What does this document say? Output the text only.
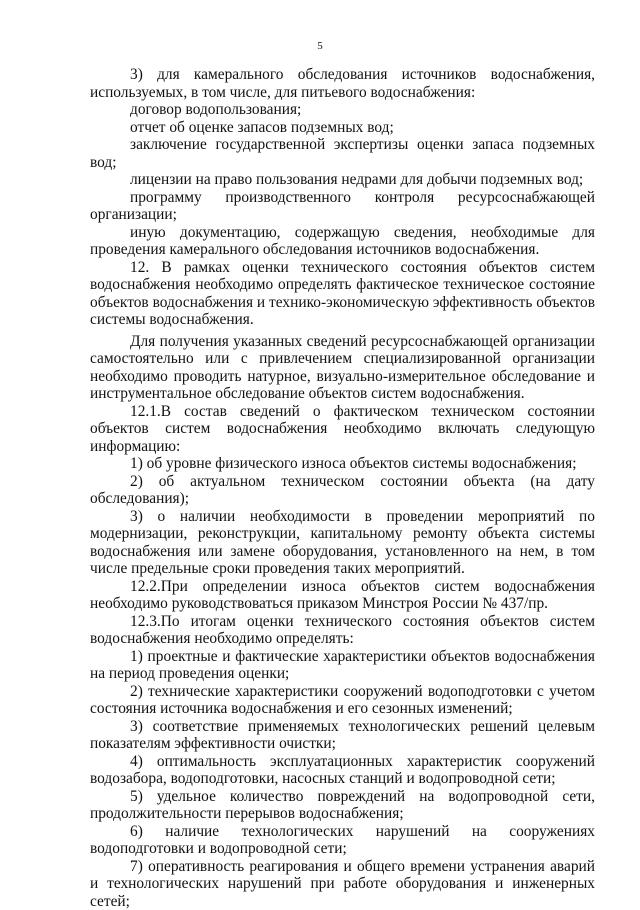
5

3) для камерального обследования источников водоснабжения, используемых, в том числе, для питьевого водоснабжения:

договор водопользования;

отчет об оценке запасов подземных вод;

заключение государственной экспертизы оценки запаса подземных вод;

лицензии на право пользования недрами для добычи подземных вод;

программу производственного контроля ресурсоснабжающей организации;

иную документацию, содержащую сведения, необходимые для проведения камерального обследования источников водоснабжения.

12. В рамках оценки технического состояния объектов систем водоснабжения необходимо определять фактическое техническое состояние объектов водоснабжения и технико-экономическую эффективность объектов системы водоснабжения.

Для получения указанных сведений ресурсоснабжающей организации самостоятельно или с привлечением специализированной организации необходимо проводить натурное, визуально-измерительное обследование и инструментальное обследование объектов систем водоснабжения.

12.1.В состав сведений о фактическом техническом состоянии объектов систем водоснабжения необходимо включать следующую информацию:

1) об уровне физического износа объектов системы водоснабжения;

2) об актуальном техническом состоянии объекта (на дату обследования);

3) о наличии необходимости в проведении мероприятий по модернизации, реконструкции, капитальному ремонту объекта системы водоснабжения или замене оборудования, установленного на нем, в том числе предельные сроки проведения таких мероприятий.

12.2.При определении износа объектов систем водоснабжения необходимо руководствоваться приказом Минстроя России № 437/пр.

12.3.По итогам оценки технического состояния объектов систем водоснабжения необходимо определять:

1) проектные и фактические характеристики объектов водоснабжения на период проведения оценки;

2) технические характеристики сооружений водоподготовки с учетом состояния источника водоснабжения и его сезонных изменений;

3) соответствие применяемых технологических решений целевым показателям эффективности очистки;

4) оптимальность эксплуатационных характеристик сооружений водозабора, водоподготовки, насосных станций и водопроводной сети;

5) удельное количество повреждений на водопроводной сети, продолжительности перерывов водоснабжения;

6) наличие технологических нарушений на сооружениях водоподготовки и водопроводной сети;

7) оперативность реагирования и общего времени устранения аварий и технологических нарушений при работе оборудования и инженерных сетей;
